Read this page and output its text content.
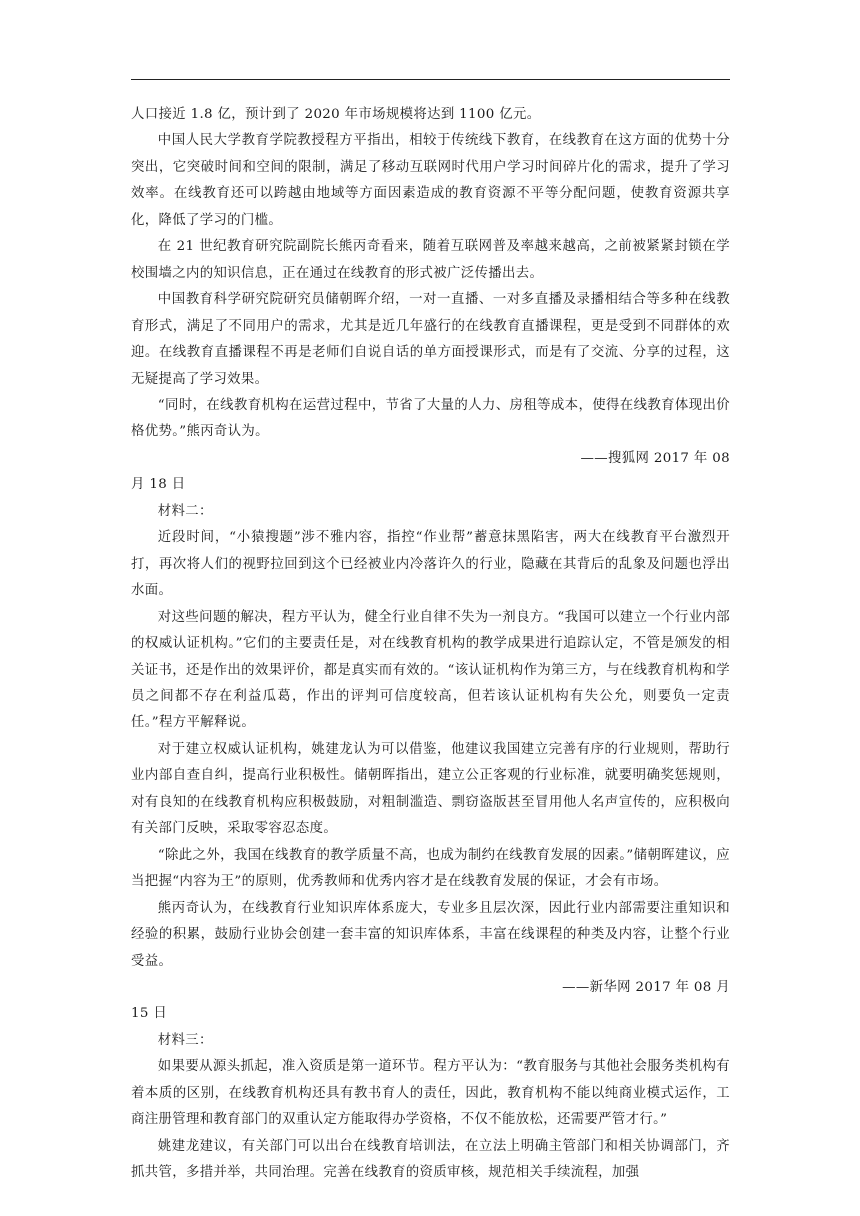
人口接近 1.8 亿，预计到了 2020 年市场规模将达到 1100 亿元。

中国人民大学教育学院教授程方平指出，相较于传统线下教育，在线教育在这方面的优势十分突出，它突破时间和空间的限制，满足了移动互联网时代用户学习时间碎片化的需求，提升了学习效率。在线教育还可以跨越由地域等方面因素造成的教育资源不平等分配问题，使教育资源共享化，降低了学习的门槛。

在 21 世纪教育研究院副院长熊丙奇看来，随着互联网普及率越来越高，之前被紧紧封锁在学校围墙之内的知识信息，正在通过在线教育的形式被广泛传播出去。

中国教育科学研究院研究员储朝晖介绍，一对一直播、一对多直播及录播相结合等多种在线教育形式，满足了不同用户的需求，尤其是近几年盛行的在线教育直播课程，更是受到不同群体的欢迎。在线教育直播课程不再是老师们自说自话的单方面授课形式，而是有了交流、分享的过程，这无疑提高了学习效果。

“同时，在线教育机构在运营过程中，节省了大量的人力、房租等成本，使得在线教育体现出价格优势。”熊丙奇认为。

——搜狐网 2017 年 08

月 18 日

材料二：

近段时间，“小猿搜题”涉不雅内容，指控“作业帮”蓄意抹黑陷害，两大在线教育平台激烈开打，再次将人们的视野拉回到这个已经被业内冷落许久的行业，隐藏在其背后的乱象及问题也浮出水面。

对这些问题的解决，程方平认为，健全行业自律不失为一剂良方。“我国可以建立一个行业内部的权威认证机构。”它们的主要责任是，对在线教育机构的教学成果进行追踪认定，不管是颁发的相关证书，还是作出的效果评价，都是真实而有效的。“该认证机构作为第三方，与在线教育机构和学员之间都不存在利益瓜葛，作出的评判可信度较高，但若该认证机构有失公允，则要负一定责任。”程方平解释说。

对于建立权威认证机构，姚建龙认为可以借鉴，他建议我国建立完善有序的行业规则，帮助行业内部自查自纠，提高行业积极性。储朝晖指出，建立公正客观的行业标准，就要明确奖惩规则，对有良知的在线教育机构应积极鼓励，对粗制滥造、剽窃盗版甚至冒用他人名声宣传的，应积极向有关部门反映，采取零容忍态度。

“除此之外，我国在线教育的教学质量不高，也成为制约在线教育发展的因素。”储朝晖建议，应当把握“内容为王”的原则，优秀教师和优秀内容才是在线教育发展的保证，才会有市场。

熊丙奇认为，在线教育行业知识库体系庞大，专业多且层次深，因此行业内部需要注重知识和经验的积累，鼓励行业协会创建一套丰富的知识库体系，丰富在线课程的种类及内容，让整个行业受益。

——新华网 2017 年 08 月

15 日

材料三：

如果要从源头抓起，准入资质是第一道环节。程方平认为：“教育服务与其他社会服务类机构有着本质的区别，在线教育机构还具有教书育人的责任，因此，教育机构不能以纯商业模式运作，工商注册管理和教育部门的双重认定方能取得办学资格，不仅不能放松，还需要严管才行。”

姚建龙建议，有关部门可以出台在线教育培训法，在立法上明确主管部门和相关协调部门，齐抓共管，多措并举，共同治理。完善在线教育的资质审核，规范相关手续流程，加强
